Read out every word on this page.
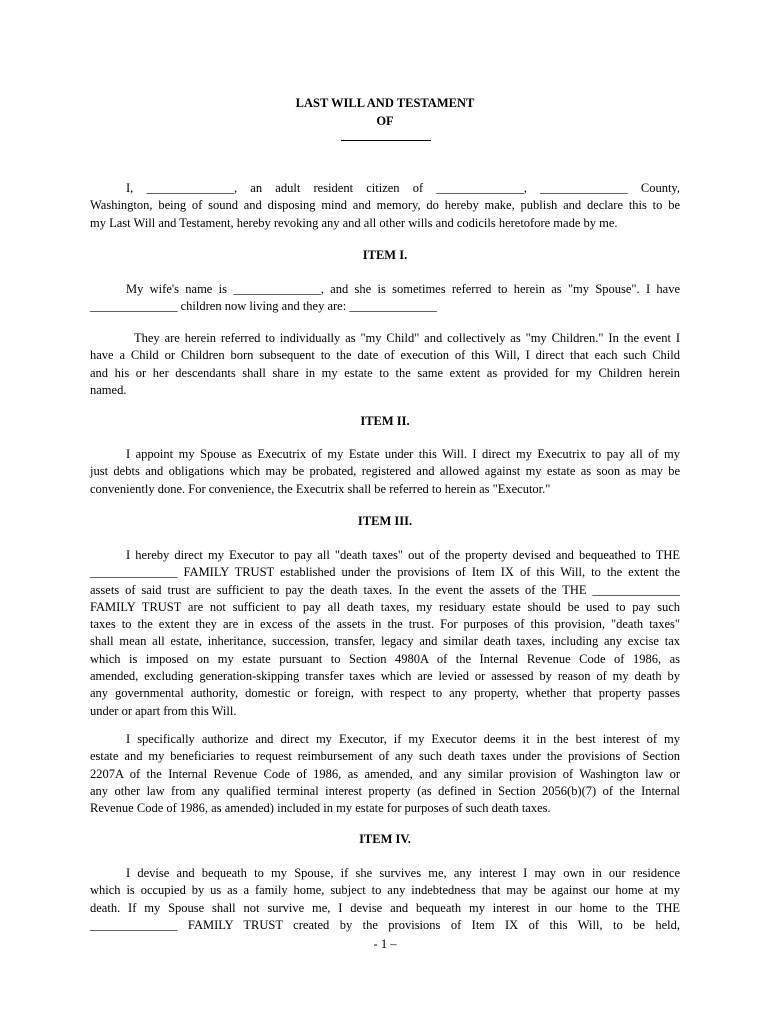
LAST WILL AND TESTAMENT
OF
I, ______________, an adult resident citizen of ______________, ______________ County,
Washington, being of sound and disposing mind and memory, do hereby make, publish and declare this to be
my Last Will and Testament, hereby revoking any and all other wills and codicils heretofore made by me.
ITEM I.
My wife's name is ______________, and she is sometimes referred to herein as "my Spouse". I have
______________ children now living and they are: ______________
They are herein referred to individually as "my Child" and collectively as "my Children." In the event I
have a Child or Children born subsequent to the date of execution of this Will, I direct that each such Child
and his or her descendants shall share in my estate to the same extent as provided for my Children herein
named.
ITEM II.
I appoint my Spouse as Executrix of my Estate under this Will. I direct my Executrix to pay all of my
just debts and obligations which may be probated, registered and allowed against my estate as soon as may be
conveniently done. For convenience, the Executrix shall be referred to herein as "Executor."
ITEM III.
I hereby direct my Executor to pay all "death taxes" out of the property devised and bequeathed to THE
______________ FAMILY TRUST established under the provisions of Item IX of this Will, to the extent the
assets of said trust are sufficient to pay the death taxes. In the event the assets of the THE ______________
FAMILY TRUST are not sufficient to pay all death taxes, my residuary estate should be used to pay such
taxes to the extent they are in excess of the assets in the trust. For purposes of this provision, "death taxes"
shall mean all estate, inheritance, succession, transfer, legacy and similar death taxes, including any excise tax
which is imposed on my estate pursuant to Section 4980A of the Internal Revenue Code of 1986, as
amended, excluding generation-skipping transfer taxes which are levied or assessed by reason of my death by
any governmental authority, domestic or foreign, with respect to any property, whether that property passes
under or apart from this Will.
I specifically authorize and direct my Executor, if my Executor deems it in the best interest of my
estate and my beneficiaries to request reimbursement of any such death taxes under the provisions of Section
2207A of the Internal Revenue Code of 1986, as amended, and any similar provision of Washington law or
any other law from any qualified terminal interest property (as defined in Section 2056(b)(7) of the Internal
Revenue Code of 1986, as amended) included in my estate for purposes of such death taxes.
ITEM IV.
I devise and bequeath to my Spouse, if she survives me, any interest I may own in our residence
which is occupied by us as a family home, subject to any indebtedness that may be against our home at my
death. If my Spouse shall not survive me, I devise and bequeath my interest in our home to the THE
______________ FAMILY TRUST created by the provisions of Item IX of this Will, to be held,
- 1 –
